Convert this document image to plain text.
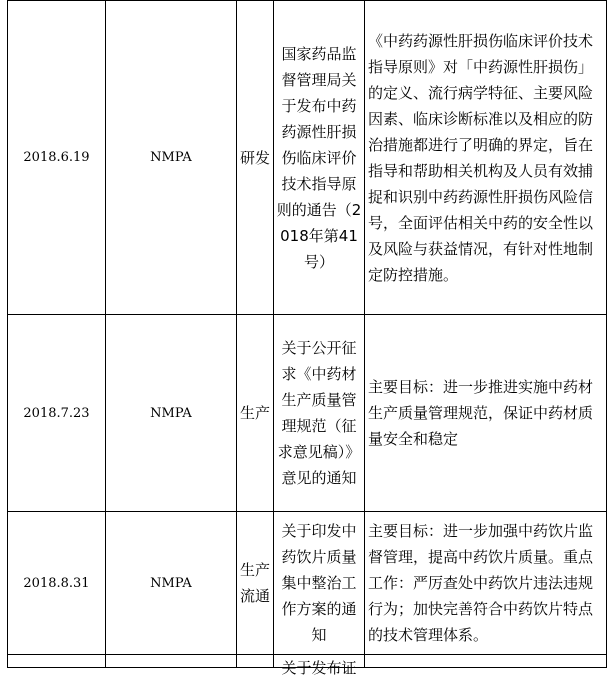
2018.6.19	NMPA	研发	国家药品监督管理局关于发布中药药源性肝损伤临床评价技术指导原则的通告（2018年第41号）	《中药药源性肝损伤临床评价技术指导原则》对「中药源性肝损伤」的定义、流行病学特征、主要风险因素、临床诊断标准以及相应的防治措施都进行了明确的界定，旨在指导和帮助相关机构及人员有效捕捉和识别中药药源性肝损伤风险信号，全面评估相关中药的安全性以及风险与获益情况，有针对性地制定防控措施。
2018.7.23	NMPA	生产	关于公开征求《中药材生产质量管理规范（征求意见稿）》意见的通知	主要目标：进一步推进实施中药材生产质量管理规范，保证中药材质量安全和稳定
2018.8.31	NMPA	生产流通	关于印发中药饮片质量集中整治工作方案的通知	主要目标：进一步加强中药饮片监督管理，提高中药饮片质量。重点工作：严厉查处中药饮片违法违规行为；加快完善符合中药饮片特点的技术管理体系。

			关于发布证	
